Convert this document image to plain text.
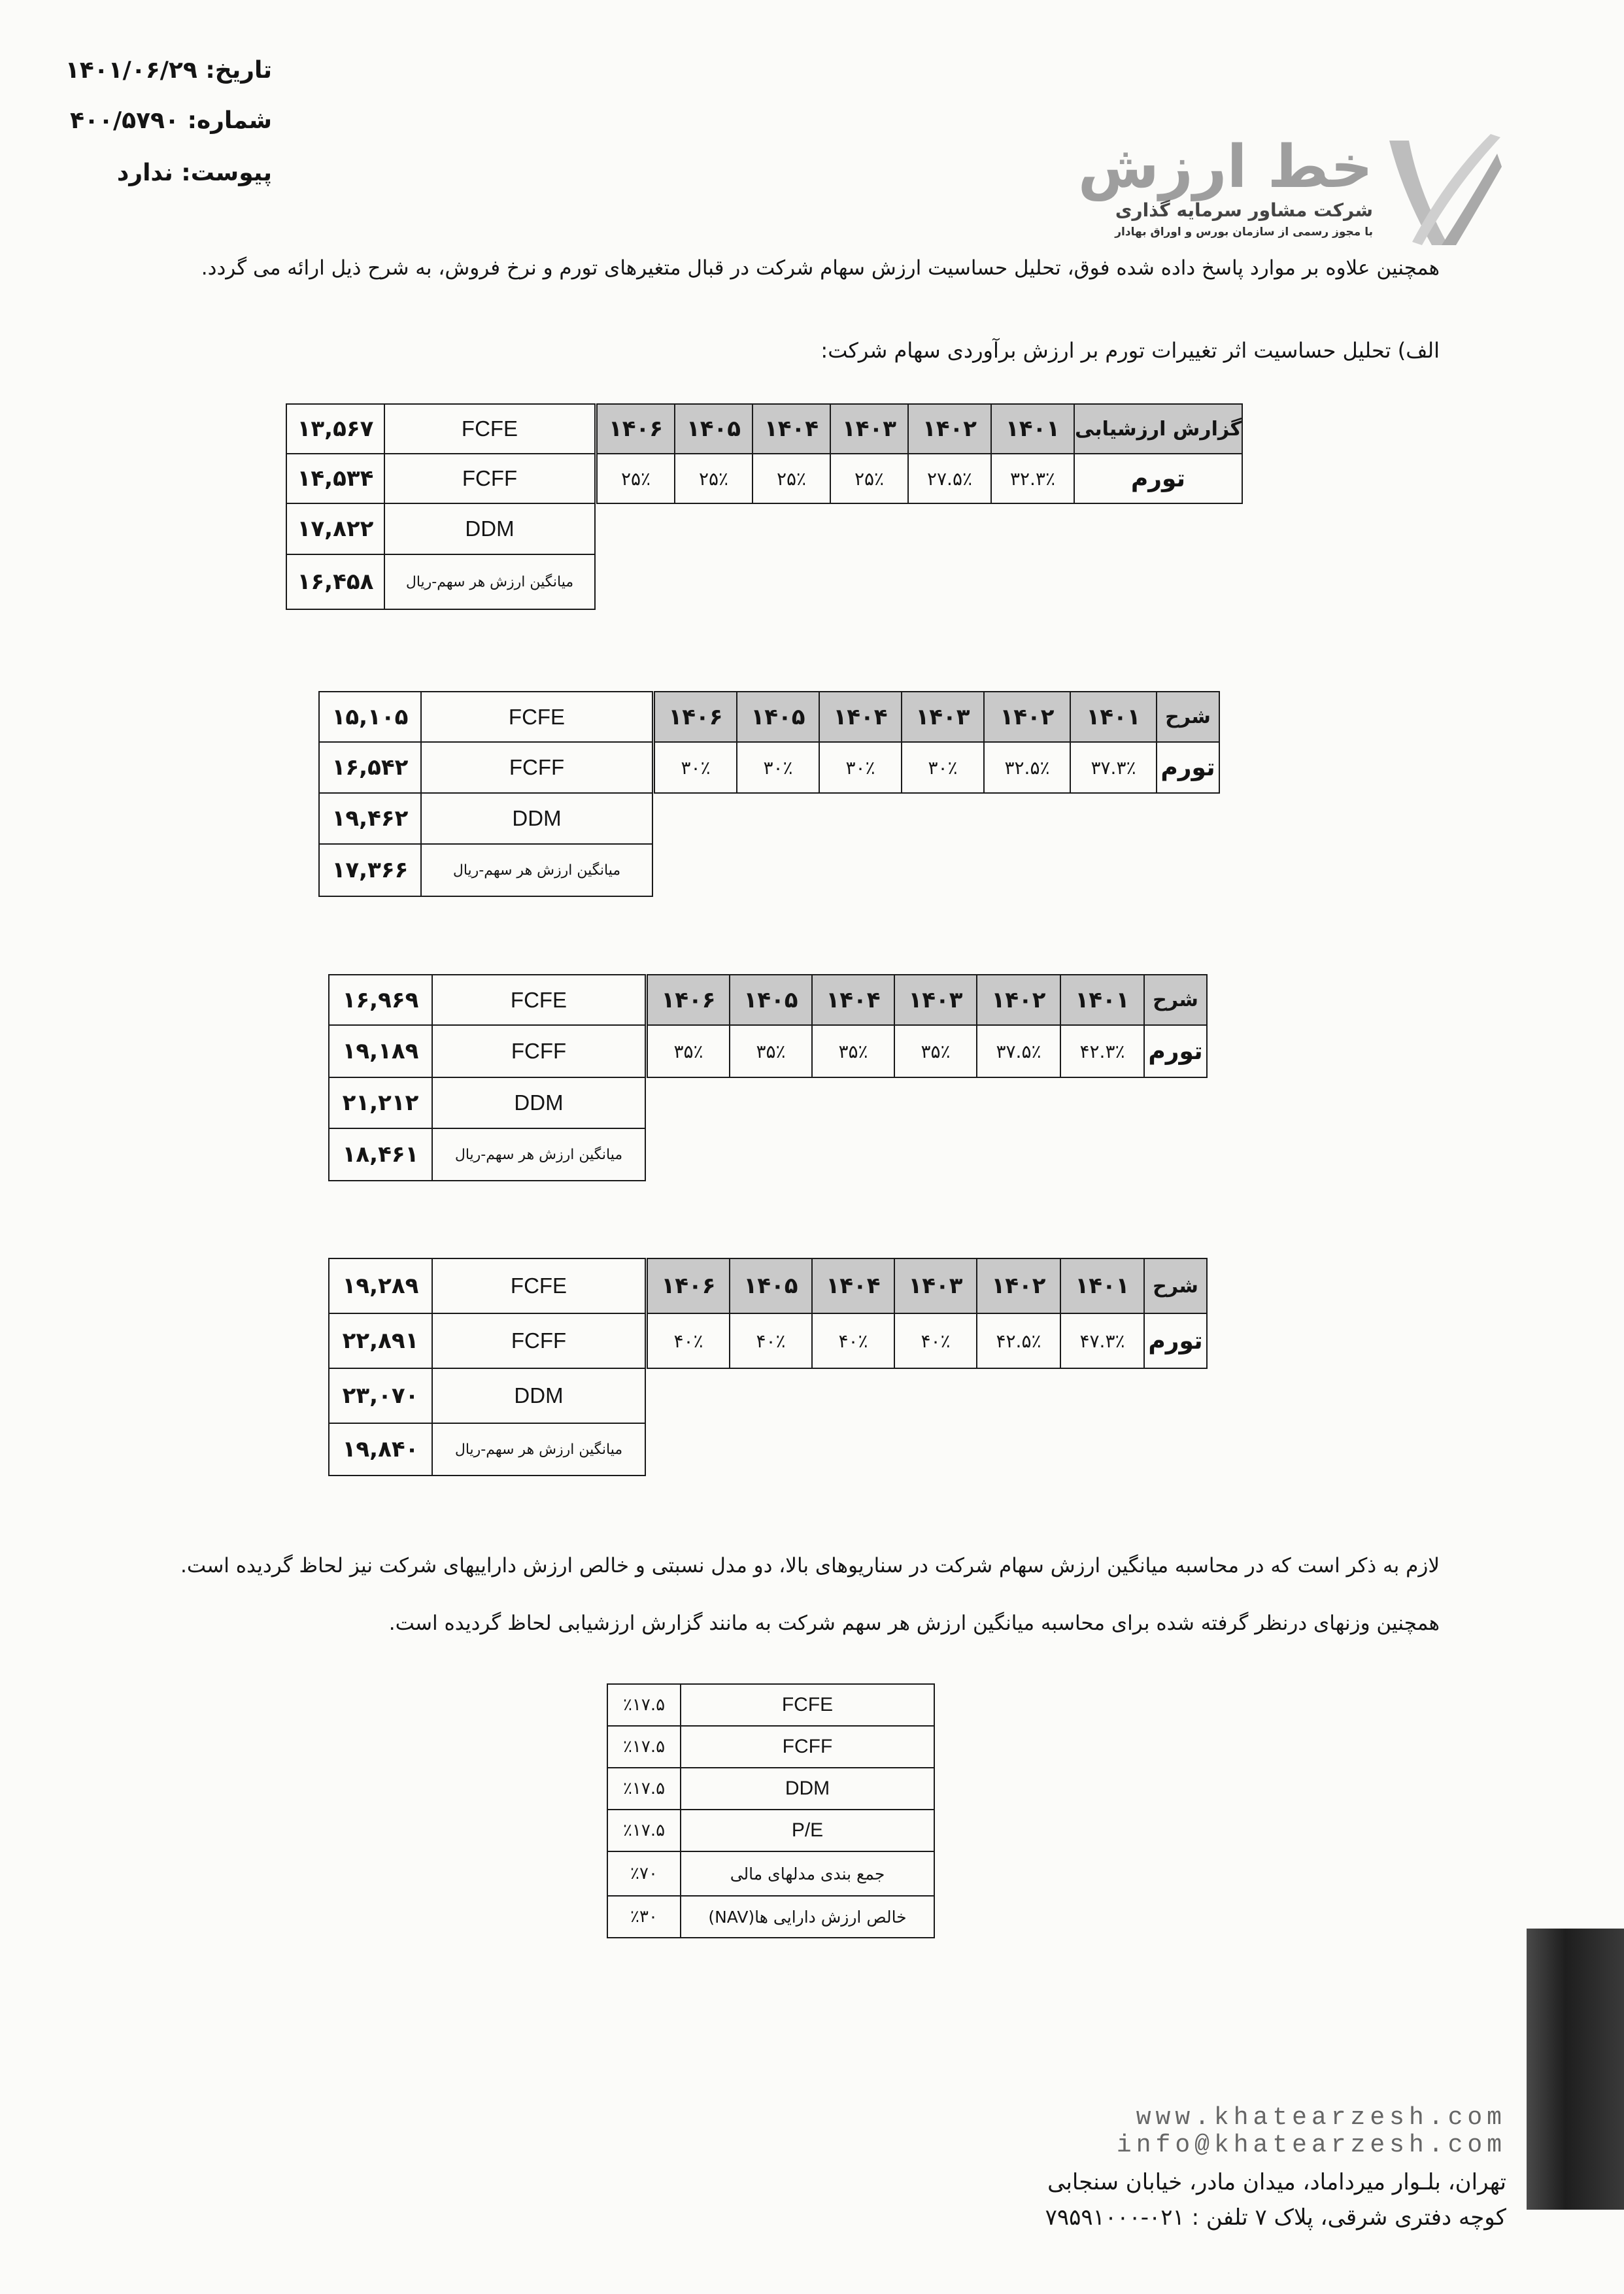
تاریخ: ۱۴۰۱/۰۶/۲۹
شماره: ۴۰۰/۵۷۹۰
پیوست: ندارد	خط ارزش
شرکت مشاور سرمایه گذاری
با مجوز رسمی از سازمان بورس و اوراق بهادار
همچنین علاوه بر موارد پاسخ داده شده فوق، تحلیل حساسیت ارزش سهام شرکت در قبال متغیرهای تورم و نرخ فروش، به شرح ذیل ارائه می گردد.
الف) تحلیل حساسیت اثر تغییرات تورم بر ارزش برآوردی سهام شرکت:
۱۳,۵۶۷	FCFE		۱۴۰۶	۱۴۰۵	۱۴۰۴	۱۴۰۳	۱۴۰۲	۱۴۰۱	گزارش ارزشیابی
۱۴,۵۳۴	FCFF		۲۵٪	۲۵٪	۲۵٪	۲۵٪	۲۷.۵٪	۳۲.۳٪	تورم
۱۷,۸۲۲	DDM								
۱۶,۴۵۸	میانگین ارزش هر سهم-ریال								
۱۵,۱۰۵	FCFE		۱۴۰۶	۱۴۰۵	۱۴۰۴	۱۴۰۳	۱۴۰۲	۱۴۰۱	شرح
۱۶,۵۴۲	FCFF		۳۰٪	۳۰٪	۳۰٪	۳۰٪	۳۲.۵٪	۳۷.۳٪	تورم
۱۹,۴۶۲	DDM								
۱۷,۳۶۶	میانگین ارزش هر سهم-ریال								
۱۶,۹۶۹	FCFE		۱۴۰۶	۱۴۰۵	۱۴۰۴	۱۴۰۳	۱۴۰۲	۱۴۰۱	شرح
۱۹,۱۸۹	FCFF		۳۵٪	۳۵٪	۳۵٪	۳۵٪	۳۷.۵٪	۴۲.۳٪	تورم
۲۱,۲۱۲	DDM								
۱۸,۴۶۱	میانگین ارزش هر سهم-ریال								
۱۹,۲۸۹	FCFE		۱۴۰۶	۱۴۰۵	۱۴۰۴	۱۴۰۳	۱۴۰۲	۱۴۰۱	شرح
۲۲,۸۹۱	FCFF		۴۰٪	۴۰٪	۴۰٪	۴۰٪	۴۲.۵٪	۴۷.۳٪	تورم
۲۳,۰۷۰	DDM								
۱۹,۸۴۰	میانگین ارزش هر سهم-ریال								
لازم به ذکر است که در محاسبه میانگین ارزش سهام شرکت در سناریوهای بالا، دو مدل نسبتی و خالص ارزش داراییهای شرکت نیز لحاظ گردیده است.
همچنین وزنهای درنظر گرفته شده برای محاسبه میانگین ارزش هر سهم شرکت به مانند گزارش ارزشیابی لحاظ گردیده است.
٪۱۷.۵	FCFE
٪۱۷.۵	FCFF
٪۱۷.۵	DDM
٪۱۷.۵	P/E
٪۷۰	جمع بندی مدلهای مالی
٪۳۰	خالص ارزش دارایی ها(NAV)
www.khatearzesh.com
info@khatearzesh.com
تهران، بلـوار میرداماد، میدان مادر، خیابان سنجابی
کوچه دفتری شرقی، پلاک ۷ تلفن : ۰۲۱-۷۹۵۹۱۰۰۰
